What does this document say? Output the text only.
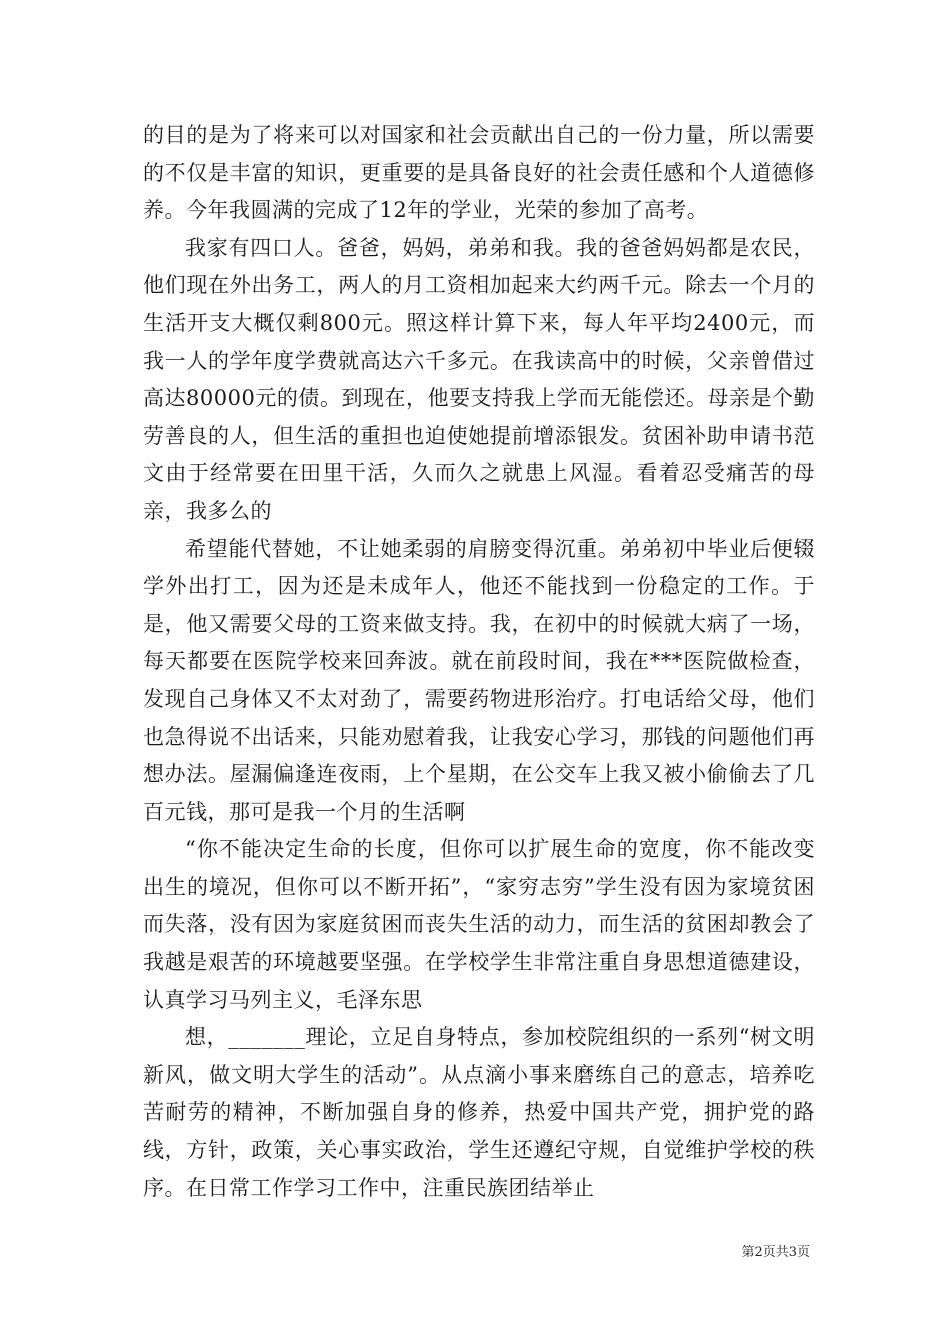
的目的是为了将来可以对国家和社会贡献出自己的一份力量，所以需要的不仅是丰富的知识，更重要的是具备良好的社会责任感和个人道德修养。今年我圆满的完成了12年的学业，光荣的参加了高考。

我家有四口人。爸爸，妈妈，弟弟和我。我的爸爸妈妈都是农民，他们现在外出务工，两人的月工资相加起来大约两千元。除去一个月的生活开支大概仅剩800元。照这样计算下来，每人年平均2400元，而我一人的学年度学费就高达六千多元。在我读高中的时候，父亲曾借过高达80000元的债。到现在，他要支持我上学而无能偿还。母亲是个勤劳善良的人，但生活的重担也迫使她提前增添银发。贫困补助申请书范文由于经常要在田里干活，久而久之就患上风湿。看着忍受痛苦的母亲，我多么的

希望能代替她，不让她柔弱的肩膀变得沉重。弟弟初中毕业后便辍学外出打工，因为还是未成年人，他还不能找到一份稳定的工作。于是，他又需要父母的工资来做支持。我，在初中的时候就大病了一场，每天都要在医院学校来回奔波。就在前段时间，我在***医院做检查，发现自己身体又不太对劲了，需要药物进形治疗。打电话给父母，他们也急得说不出话来，只能劝慰着我，让我安心学习，那钱的问题他们再想办法。屋漏偏逢连夜雨，上个星期，在公交车上我又被小偷偷去了几百元钱，那可是我一个月的生活啊

“你不能决定生命的长度，但你可以扩展生命的宽度，你不能改变出生的境况，但你可以不断开拓”，“家穷志穷”学生没有因为家境贫困而失落，没有因为家庭贫困而丧失生活的动力，而生活的贫困却教会了我越是艰苦的环境越要坚强。在学校学生非常注重自身思想道德建设，认真学习马列主义，毛泽东思

想，_______理论，立足自身特点，参加校院组织的一系列“树文明新风，做文明大学生的活动”。从点滴小事来磨练自己的意志，培养吃苦耐劳的精神，不断加强自身的修养，热爱中国共产党，拥护党的路线，方针，政策，关心事实政治，学生还遵纪守规，自觉维护学校的秩序。在日常工作学习工作中，注重民族团结举止

第2页共3页
